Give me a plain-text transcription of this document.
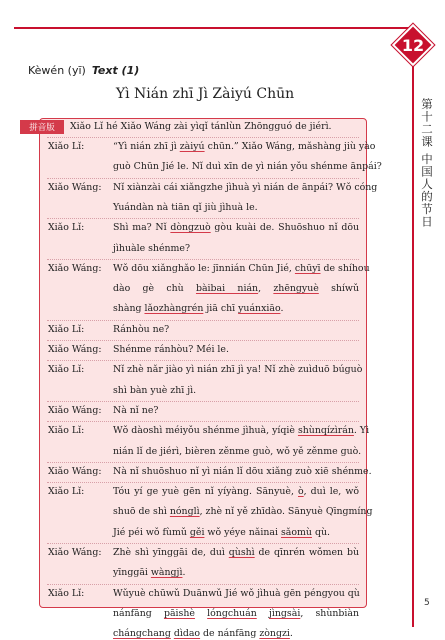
12
第十二课 中国人的节日
Kèwén (yī) Text (1)
Yì Nián zhī Jì Zàiyú Chūn
拼音版	Xiǎo Lǐ hé Xiǎo Wáng zài yìqǐ tánlùn Zhōngguó de jiérì.
Xiǎo Lǐ:	“Yì nián zhī jì zàiyú chūn.” Xiǎo Wáng, mǎshàng jiù yào
guò Chūn Jié le. Nǐ duì xīn de yì nián yǒu shénme ānpái?
Xiǎo Wáng: Nǐ xiànzài cái xiǎngzhe jìhuà yì nián de ānpái? Wǒ cóng
Yuándàn nà tiān qǐ jiù jìhuà le.
Xiǎo Lǐ:	Shì ma? Nǐ dòngzuò gòu kuài de. Shuōshuo nǐ dōu
jìhuàle shénme?
Xiǎo Wáng: Wǒ dōu xiǎnghǎo le: jīnnián Chūn Jié, chūyī de shíhou
dào gè chù bàibai nián, zhēngyuè shíwǔ
shàng lǎozhàngrén jiā chī yuánxiāo.
Xiǎo Lǐ:	Ránhòu ne?
Xiǎo Wáng: Shénme ránhòu? Méi le.
Xiǎo Lǐ:	Nǐ zhè nǎr jiào yì nián zhī jì ya! Nǐ zhè zuìduō búguò
shì bàn yuè zhī jì.
Xiǎo Wáng: Nà nǐ ne?
Xiǎo Lǐ:	Wǒ dàoshì méiyǒu shénme jìhuà, yíqiè shùnqízìrán. Yì
nián lǐ de jiérì, bièren zěnme guò, wǒ yě zěnme guò.
Xiǎo Wáng: Nà nǐ shuōshuo nǐ yì nián lǐ dōu xiǎng zuò xiē shénme.
Xiǎo Lǐ:	Tóu yí ge yuè gēn nǐ yíyàng. Sānyuè, ò, duì le, wǒ
shuō de shì nónglì, zhè nǐ yě zhīdào. Sānyuè Qīngmíng
Jié péi wǒ fùmǔ gěi wǒ yéye nǎinai sǎomù qù.
Xiǎo Wáng: Zhè shì yīnggāi de, duì qùshì de qīnrén wǒmen bù
yīnggāi wàngjì.
Xiǎo Lǐ:	Wǔyuè chūwǔ Duānwǔ Jié wǒ jìhuà gēn péngyou qù
nánfāng pāishè lóngchuán jìngsài, shùnbiàn
chángchang dìdao de nánfāng zòngzi.
5
